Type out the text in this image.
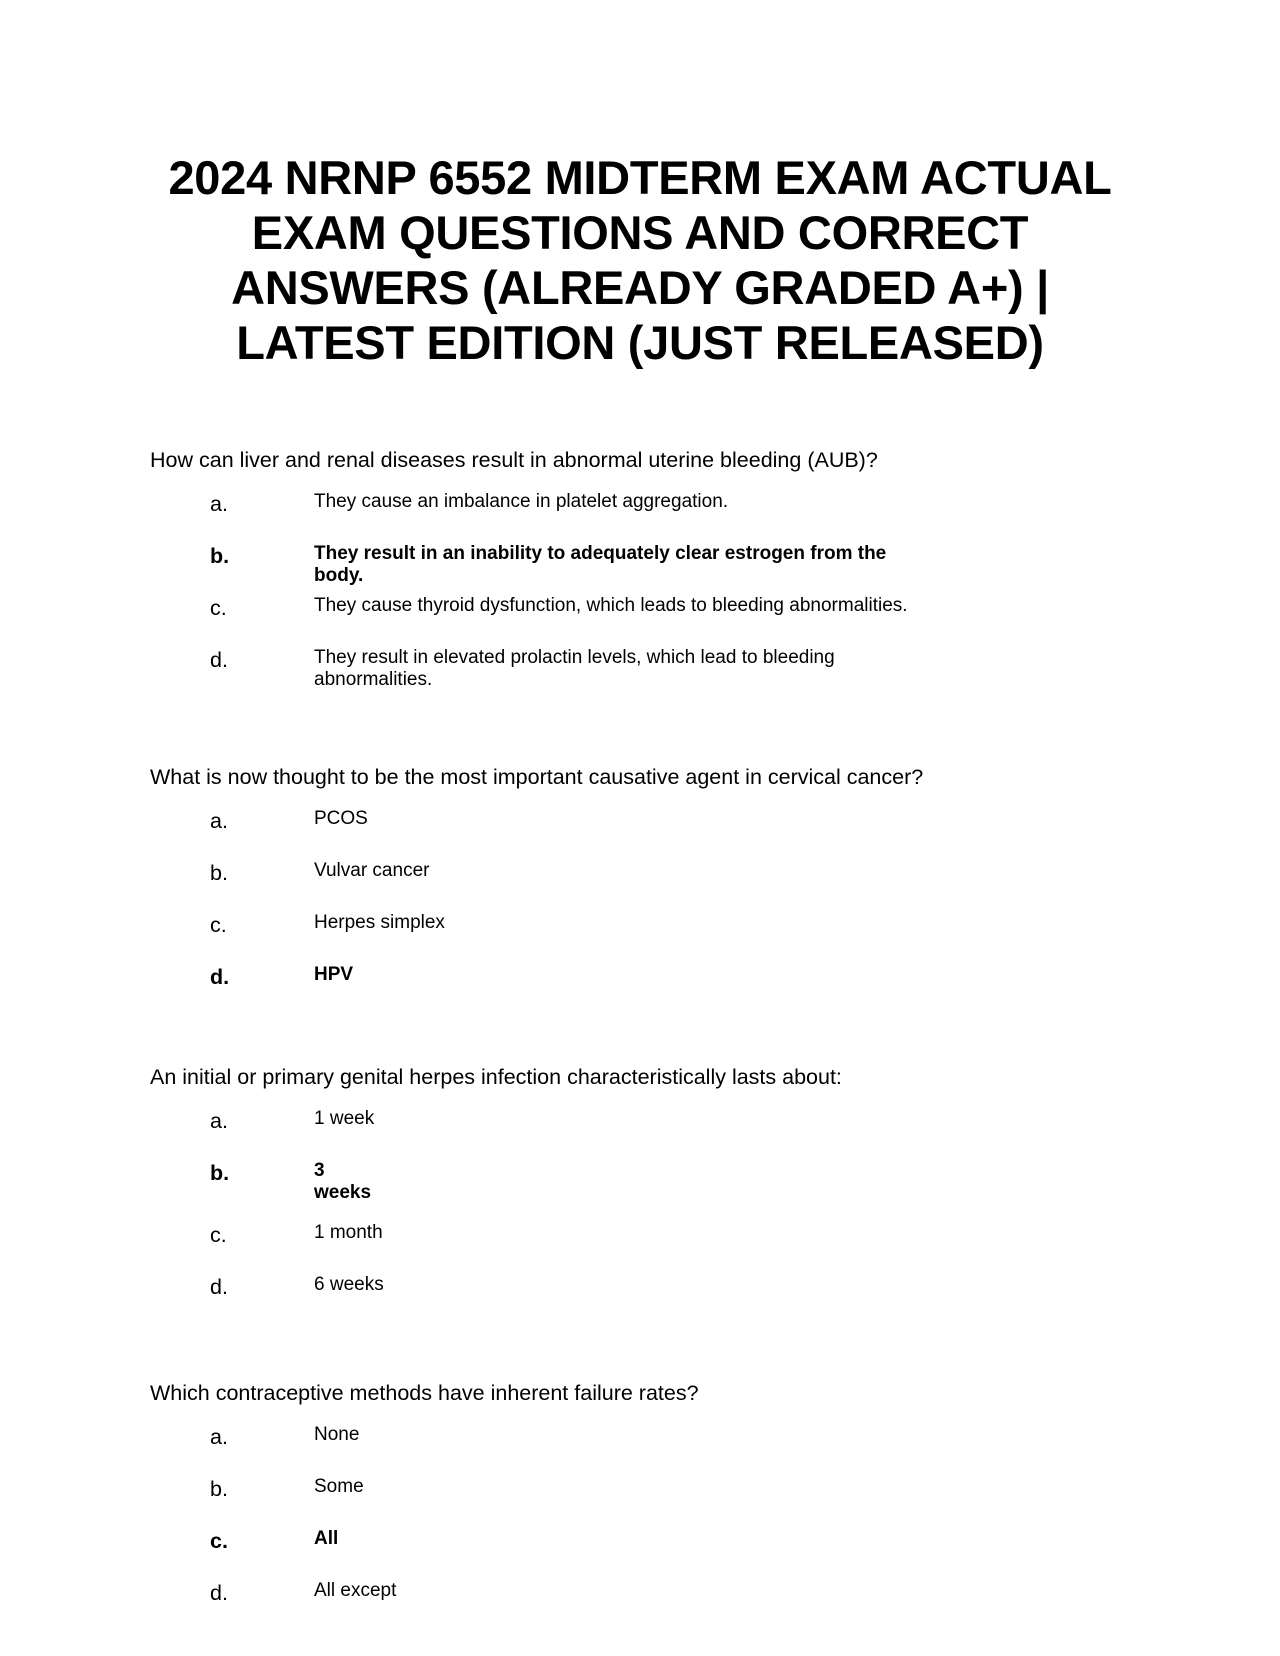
2024 NRNP 6552 MIDTERM EXAM ACTUAL
EXAM QUESTIONS AND CORRECT
ANSWERS (ALREADY GRADED A+) |
LATEST EDITION (JUST RELEASED)

How can liver and renal diseases result in abnormal uterine bleeding (AUB)?

a.	They cause an imbalance in platelet aggregation.
b.	They result in an inability to adequately clear estrogen from the body.
c.	They cause thyroid dysfunction, which leads to bleeding abnormalities.
d.	They result in elevated prolactin levels, which lead to bleeding abnormalities.

What is now thought to be the most important causative agent in cervical cancer?

a.	PCOS
b.	Vulvar cancer
c.	Herpes simplex
d.	HPV

An initial or primary genital herpes infection characteristically lasts about:

a.	1 week
b.	3 weeks
c.	1 month
d.	6 weeks

Which contraceptive methods have inherent failure rates?

a.	None
b.	Some
c.	All
d.	All except
